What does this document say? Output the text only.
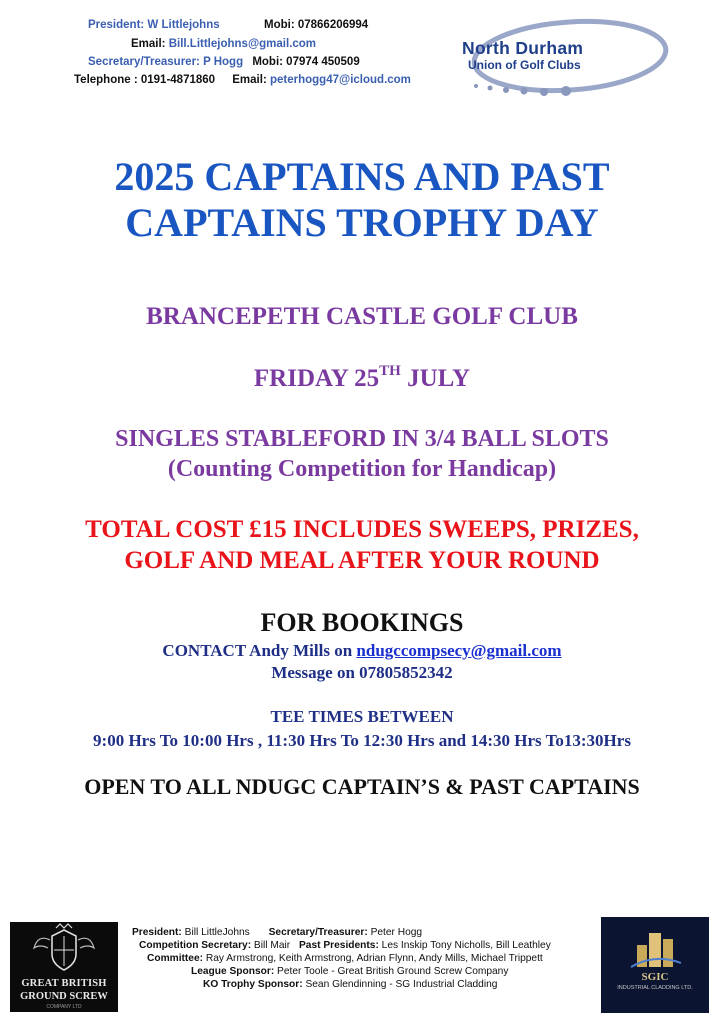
President: W Littlejohns	Mobi: 07866206994
Email: Bill.Littlejohns@gmail.com
Secretary/Treasurer: P Hogg Mobi: 07974 450509
Telephone : 0191-4871860 Email: peterhogg47@icloud.com
North Durham
Union of Golf Clubs
2025 CAPTAINS AND PAST
CAPTAINS TROPHY DAY
BRANCEPETH CASTLE GOLF CLUB
FRIDAY 25TH JULY
SINGLES STABLEFORD IN 3/4 BALL SLOTS
(Counting Competition for Handicap)
TOTAL COST £15 INCLUDES SWEEPS, PRIZES,
GOLF AND MEAL AFTER YOUR ROUND
FOR BOOKINGS
CONTACT Andy Mills on ndugccompsecy@gmail.com
Message on 07805852342
TEE TIMES BETWEEN
9:00 Hrs To 10:00 Hrs , 11:30 Hrs To 12:30 Hrs and 14:30 Hrs To13:30Hrs
OPEN TO ALL NDUGC CAPTAIN’S & PAST CAPTAINS
GREAT BRITISH
GROUND SCREW
COMPANY LTD
President: Bill LittleJohns Secretary/Treasurer: Peter Hogg
Competition Secretary: Bill Mair Past Presidents: Les Inskip Tony Nicholls, Bill Leathley
Committee: Ray Armstrong, Keith Armstrong, Adrian Flynn, Andy Mills, Michael Trippett
League Sponsor: Peter Toole - Great British Ground Screw Company
KO Trophy Sponsor: Sean Glendinning - SG Industrial Cladding
SGIC
INDUSTRIAL CLADDING LTD.
